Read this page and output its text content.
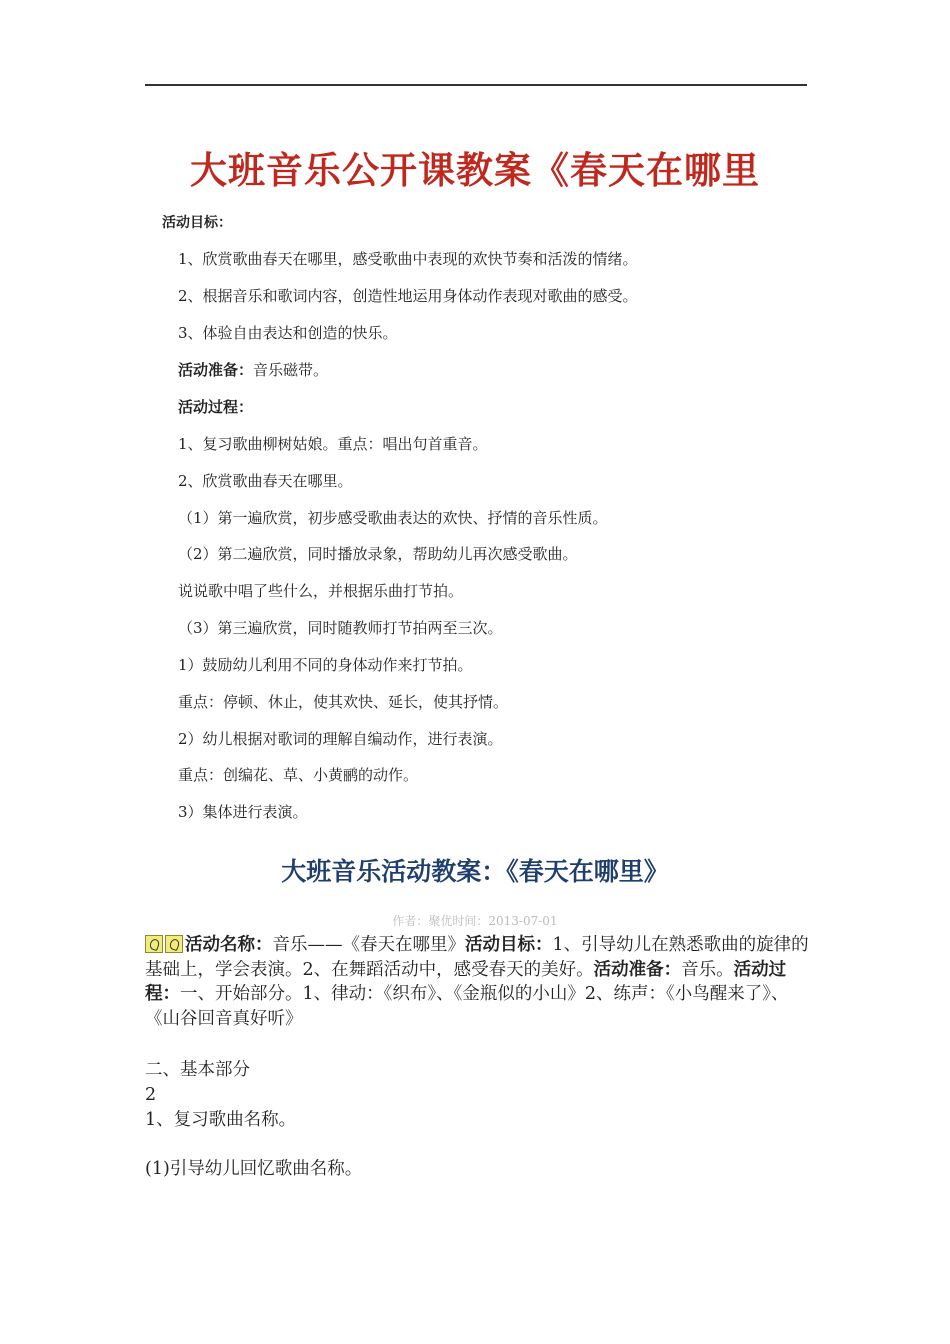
大班音乐公开课教案《春天在哪里
活动目标：
1、欣赏歌曲春天在哪里，感受歌曲中表现的欢快节奏和活泼的情绪。
2、根据音乐和歌词内容，创造性地运用身体动作表现对歌曲的感受。
3、体验自由表达和创造的快乐。
活动准备：音乐磁带。
活动过程：
1、复习歌曲柳树姑娘。重点：唱出句首重音。
2、欣赏歌曲春天在哪里。
（1）第一遍欣赏，初步感受歌曲表达的欢快、抒情的音乐性质。
（2）第二遍欣赏，同时播放录象，帮助幼儿再次感受歌曲。
说说歌中唱了些什么，并根据乐曲打节拍。
（3）第三遍欣赏，同时随教师打节拍两至三次。
1）鼓励幼儿利用不同的身体动作来打节拍。
重点：停顿、休止，使其欢快、延长，使其抒情。
2）幼儿根据对歌词的理解自编动作，进行表演。
重点：创编花、草、小黄鹂的动作。
3）集体进行表演。
大班音乐活动教案：《春天在哪里》
作者：聚优时间：2013-07-01
活动名称：音乐——《春天在哪里》活动目标：1、引导幼儿在熟悉歌曲的旋律的基础上，学会表演。2、在舞蹈活动中，感受春天的美好。活动准备：音乐。活动过程：一、开始部分。1、律动：《织布》、《金瓶似的小山》2、练声：《小鸟醒来了》、《山谷回音真好听》
二、基本部分
2
1、复习歌曲名称。
(1)引导幼儿回忆歌曲名称。
